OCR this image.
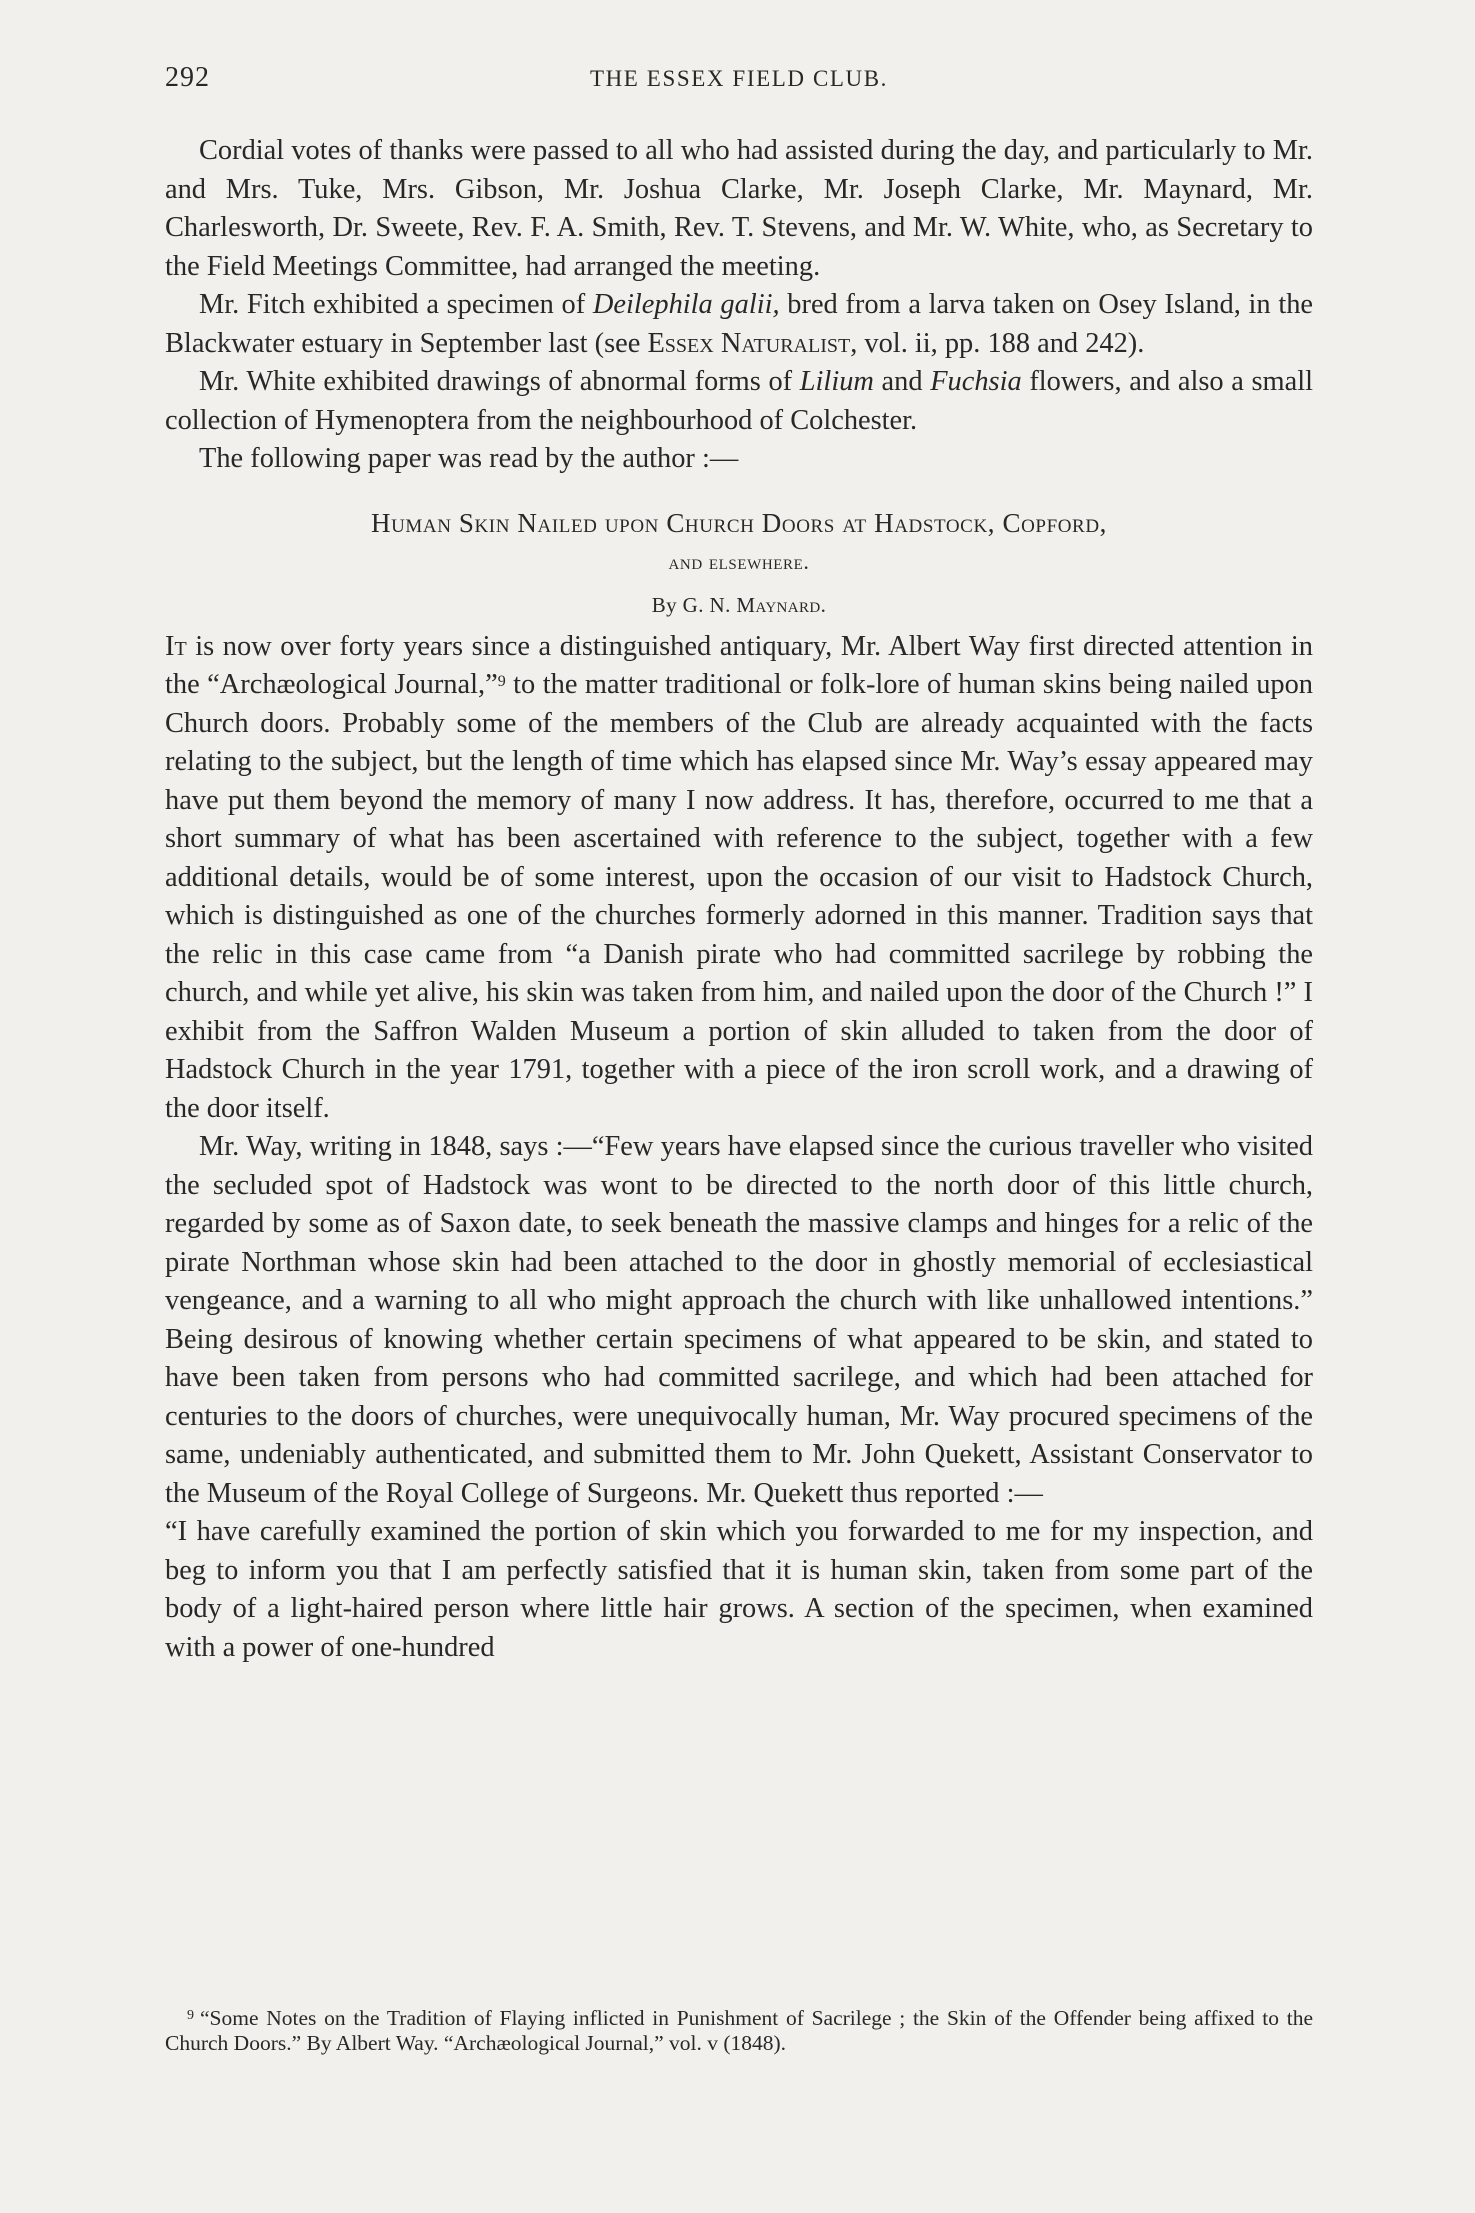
292	THE ESSEX FIELD CLUB.

Cordial votes of thanks were passed to all who had assisted during the day, and particularly to Mr. and Mrs. Tuke, Mrs. Gibson, Mr. Joshua Clarke, Mr. Joseph Clarke, Mr. Maynard, Mr. Charlesworth, Dr. Sweete, Rev. F. A. Smith, Rev. T. Stevens, and Mr. W. White, who, as Secretary to the Field Meetings Committee, had arranged the meeting.

Mr. Fitch exhibited a specimen of Deilephila galii, bred from a larva taken on Osey Island, in the Blackwater estuary in September last (see Essex Naturalist, vol. ii, pp. 188 and 242).

Mr. White exhibited drawings of abnormal forms of Lilium and Fuchsia flowers, and also a small collection of Hymenoptera from the neighbourhood of Colchester.

The following paper was read by the author :—

Human Skin Nailed upon Church Doors at Hadstock, Copford,
and elsewhere.

By G. N. Maynard.

It is now over forty years since a distinguished antiquary, Mr. Albert Way first directed attention in the “Archæological Journal,”$^9$ to the matter traditional or folk-lore of human skins being nailed upon Church doors. Probably some of the members of the Club are already acquainted with the facts relating to the subject, but the length of time which has elapsed since Mr. Way’s essay appeared may have put them beyond the memory of many I now address. It has, therefore, occurred to me that a short summary of what has been ascertained with reference to the subject, together with a few additional details, would be of some interest, upon the occasion of our visit to Hadstock Church, which is distinguished as one of the churches formerly adorned in this manner. Tradition says that the relic in this case came from “a Danish pirate who had committed sacrilege by robbing the church, and while yet alive, his skin was taken from him, and nailed upon the door of the Church !” I exhibit from the Saffron Walden Museum a portion of skin alluded to taken from the door of Hadstock Church in the year 1791, together with a piece of the iron scroll work, and a drawing of the door itself.

Mr. Way, writing in 1848, says :—“Few years have elapsed since the curious traveller who visited the secluded spot of Hadstock was wont to be directed to the north door of this little church, regarded by some as of Saxon date, to seek beneath the massive clamps and hinges for a relic of the pirate Northman whose skin had been attached to the door in ghostly memorial of ecclesiastical vengeance, and a warning to all who might approach the church with like unhallowed intentions.” Being desirous of knowing whether certain specimens of what appeared to be skin, and stated to have been taken from persons who had committed sacrilege, and which had been attached for centuries to the doors of churches, were unequivocally human, Mr. Way procured specimens of the same, undeniably authenticated, and submitted them to Mr. John Quekett, Assistant Conservator to the Museum of the Royal College of Surgeons. Mr. Quekett thus reported :—

“I have carefully examined the portion of skin which you forwarded to me for my inspection, and beg to inform you that I am perfectly satisfied that it is human skin, taken from some part of the body of a light-haired person where little hair grows. A section of the specimen, when examined with a power of one-hundred

$^9$ “Some Notes on the Tradition of Flaying inflicted in Punishment of Sacrilege ; the Skin of the Offender being affixed to the Church Doors.” By Albert Way. “Archæological Journal,” vol. v (1848).
